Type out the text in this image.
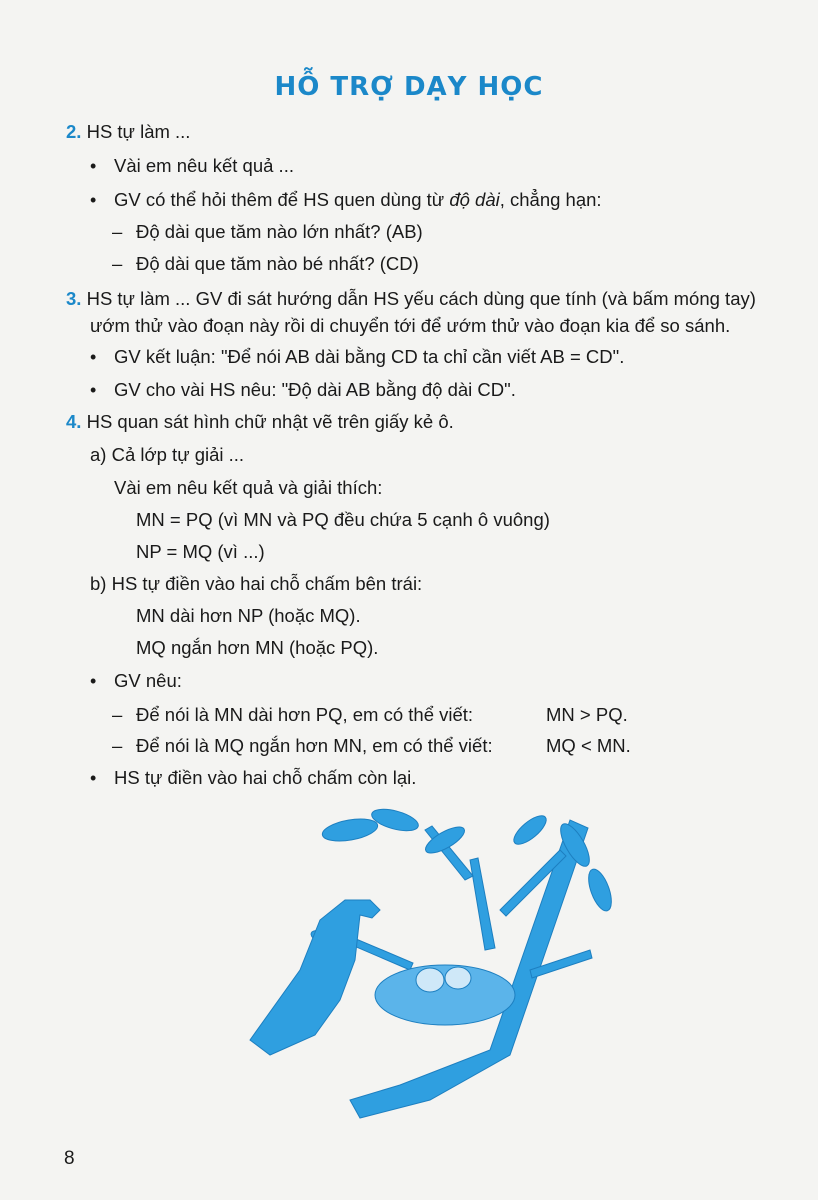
HỖ TRỢ DẠY HỌC
2. HS tự làm ...
• Vài em nêu kết quả ...
• GV có thể hỏi thêm để HS quen dùng từ độ dài, chẳng hạn:
– Độ dài que tăm nào lớn nhất? (AB)
– Độ dài que tăm nào bé nhất? (CD)
3. HS tự làm ... GV đi sát hướng dẫn HS yếu cách dùng que tính (và bấm móng tay)
ướm thử vào đoạn này rồi di chuyển tới để ướm thử vào đoạn kia để so sánh.
• GV kết luận: "Để nói AB dài bằng CD ta chỉ cần viết AB = CD".
• GV cho vài HS nêu: "Độ dài AB bằng độ dài CD".
4. HS quan sát hình chữ nhật vẽ trên giấy kẻ ô.
a) Cả lớp tự giải ...
Vài em nêu kết quả và giải thích:
MN = PQ (vì MN và PQ đều chứa 5 cạnh ô vuông)
NP = MQ (vì ...)
b) HS tự điền vào hai chỗ chấm bên trái:
MN dài hơn NP (hoặc MQ).
MQ ngắn hơn MN (hoặc PQ).
• GV nêu:
– Để nói là MN dài hơn PQ, em có thể viết:	MN > PQ.
– Để nói là MQ ngắn hơn MN, em có thể viết:	MQ < MN.
• HS tự điền vào hai chỗ chấm còn lại.
8
